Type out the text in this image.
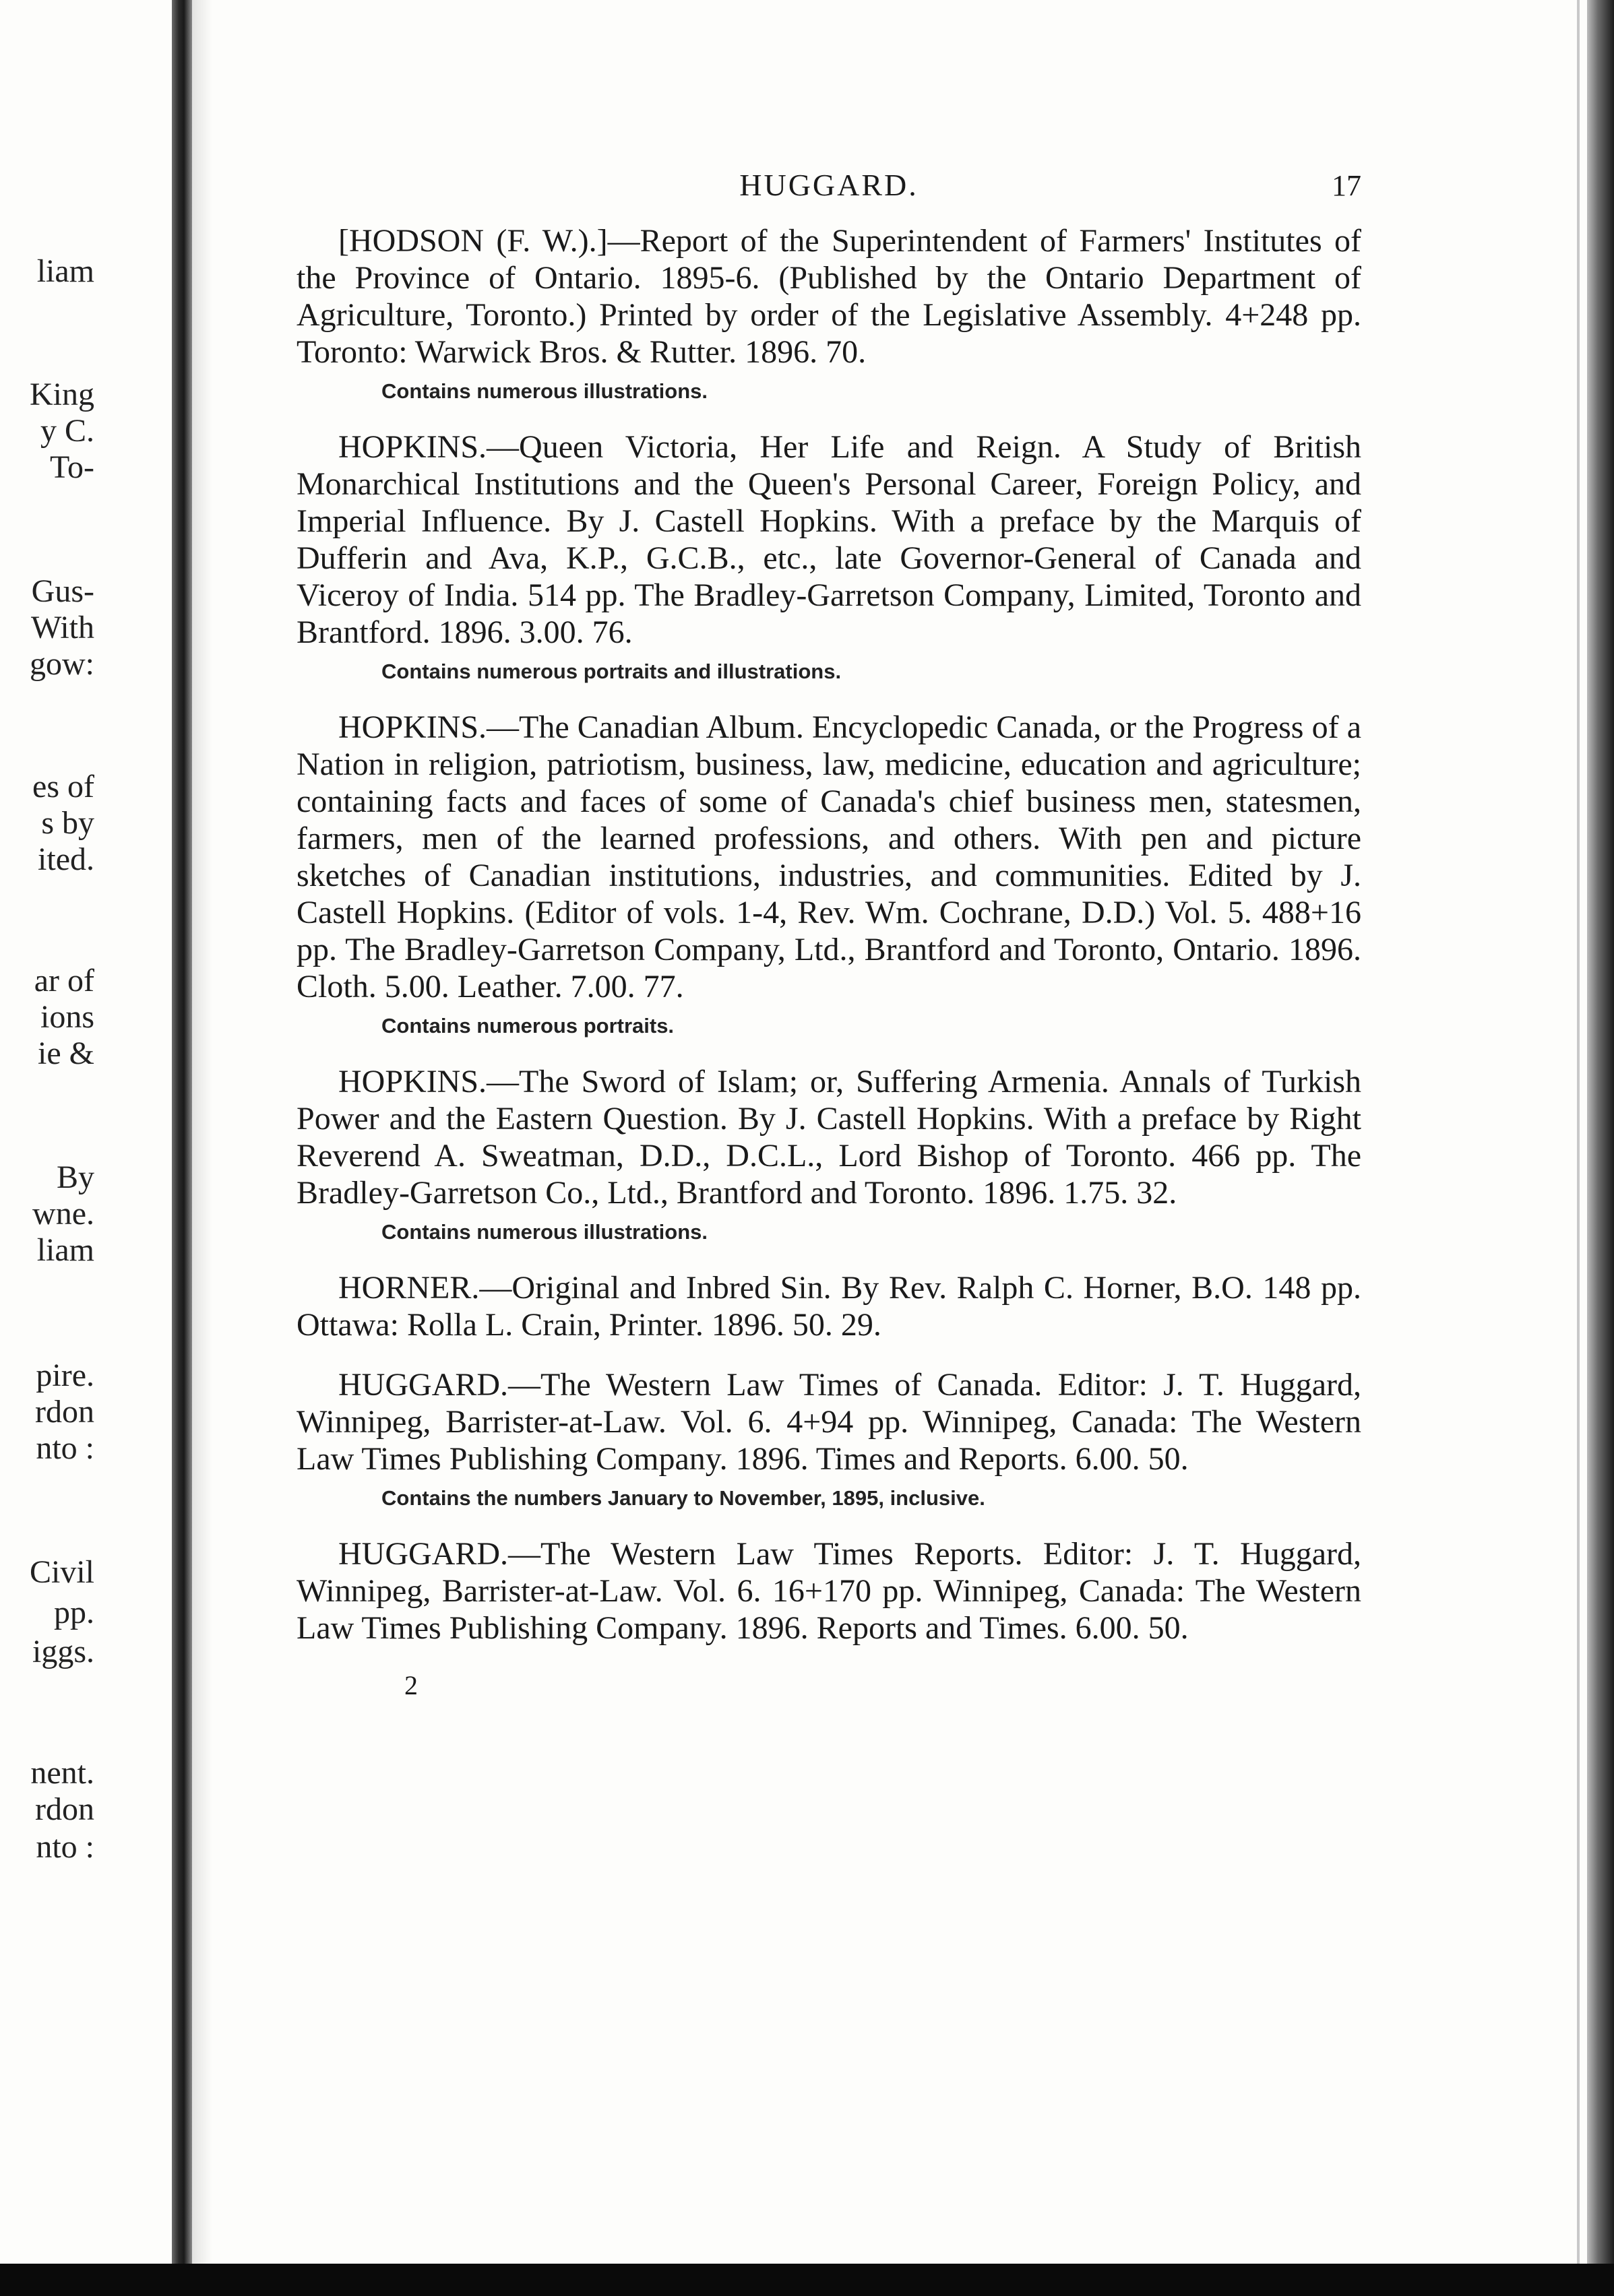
liam
King
y C.
To-
Gus-
With
gow:
es of
s by
ited.
ar of
ions
ie &
By
wne.
liam
pire.
rdon
nto :
Civil
pp.
iggs.
nent.
rdon
nto :
HUGGARD.	17

[HODSON (F. W.).]—Report of the Superintendent of Farmers' Institutes of the Province of Ontario. 1895-6. (Published by the Ontario Department of Agriculture, Toronto.) Printed by order of the Legislative Assembly. 4+248 pp. Toronto: Warwick Bros. & Rutter. 1896. 70.

Contains numerous illustrations.

HOPKINS.—Queen Victoria, Her Life and Reign. A Study of British Monarchical Institutions and the Queen's Personal Career, Foreign Policy, and Imperial Influence. By J. Castell Hopkins. With a preface by the Marquis of Dufferin and Ava, K.P., G.C.B., etc., late Governor-General of Canada and Viceroy of India. 514 pp. The Bradley-Garretson Company, Limited, Toronto and Brantford. 1896. 3.00. 76.

Contains numerous portraits and illustrations.

HOPKINS.—The Canadian Album. Encyclopedic Canada, or the Progress of a Nation in religion, patriotism, business, law, medicine, education and agriculture; containing facts and faces of some of Canada's chief business men, statesmen, farmers, men of the learned professions, and others. With pen and picture sketches of Canadian institutions, industries, and communities. Edited by J. Castell Hopkins. (Editor of vols. 1-4, Rev. Wm. Cochrane, D.D.) Vol. 5. 488+16 pp. The Bradley-Garretson Company, Ltd., Brantford and Toronto, Ontario. 1896. Cloth. 5.00. Leather. 7.00. 77.

Contains numerous portraits.

HOPKINS.—The Sword of Islam; or, Suffering Armenia. Annals of Turkish Power and the Eastern Question. By J. Castell Hopkins. With a preface by Right Reverend A. Sweatman, D.D., D.C.L., Lord Bishop of Toronto. 466 pp. The Bradley-Garretson Co., Ltd., Brantford and Toronto. 1896. 1.75. 32.

Contains numerous illustrations.

HORNER.—Original and Inbred Sin. By Rev. Ralph C. Horner, B.O. 148 pp. Ottawa: Rolla L. Crain, Printer. 1896. 50. 29.

HUGGARD.—The Western Law Times of Canada. Editor: J. T. Huggard, Winnipeg, Barrister-at-Law. Vol. 6. 4+94 pp. Winnipeg, Canada: The Western Law Times Publishing Company. 1896. Times and Reports. 6.00. 50.

Contains the numbers January to November, 1895, inclusive.

HUGGARD.—The Western Law Times Reports. Editor: J. T. Huggard, Winnipeg, Barrister-at-Law. Vol. 6. 16+170 pp. Winnipeg, Canada: The Western Law Times Publishing Company. 1896. Reports and Times. 6.00. 50.

2
